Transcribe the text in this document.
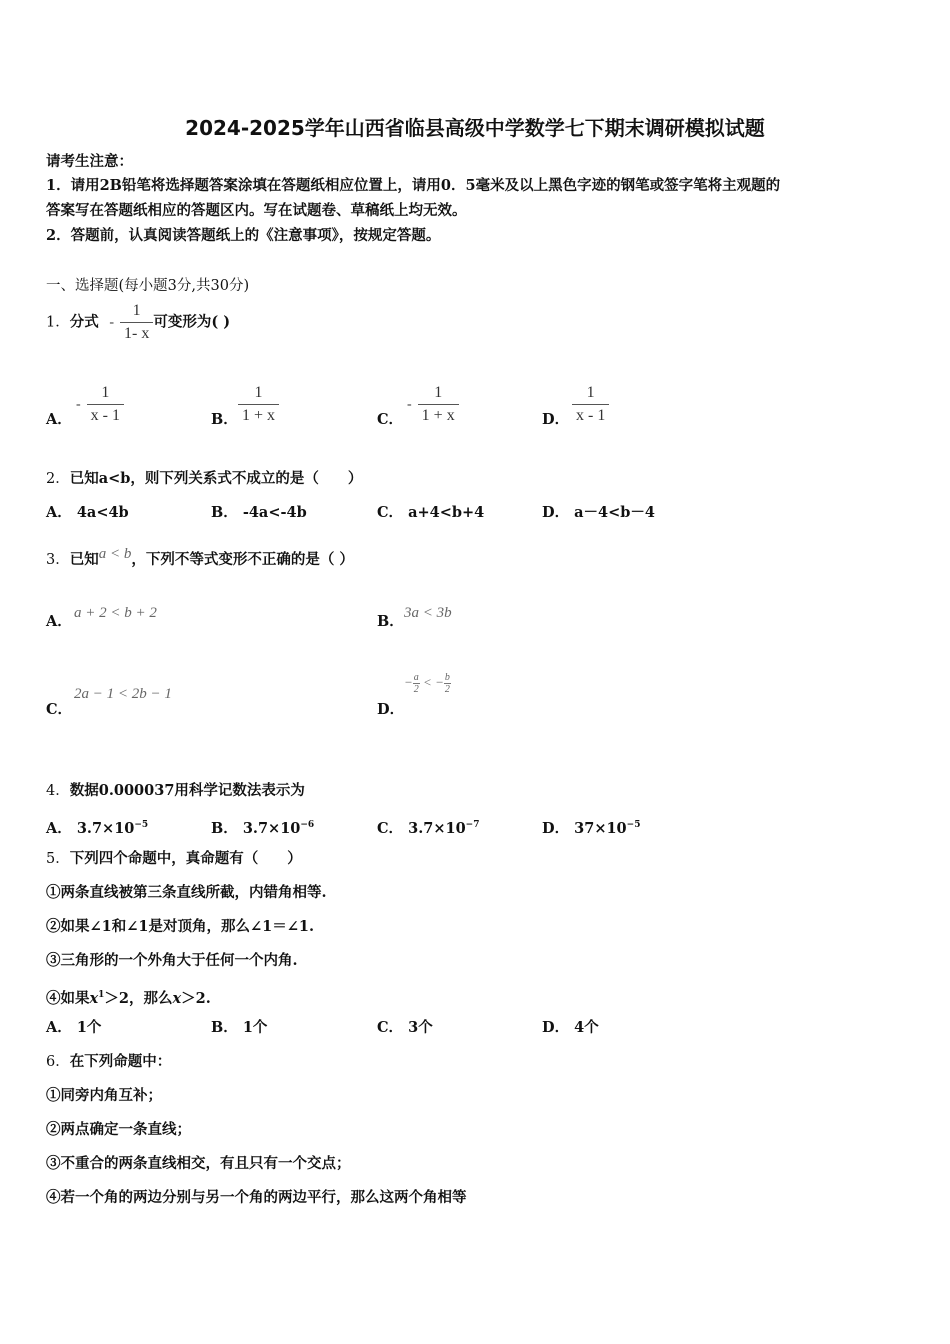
2024-2025学年山西省临县高级中学数学七下期末调研模拟试题
请考生注意：
1．请用2B铅笔将选择题答案涂填在答题纸相应位置上，请用0．5毫米及以上黑色字迹的钢笔或签字笔将主观题的
答案写在答题纸相应的答题区内。写在试题卷、草稿纸上均无效。
2．答题前，认真阅读答题纸上的《注意事项》，按规定答题。
一、选择题(每小题3分,共30分)
1．分式 - $\frac{1}{1- x}$ 可变形为( )
A．
- $\frac{1}{x - 1}$	B． $\frac{1}{1 + x}$	C．
- $\frac{1}{1 + x}$	D． $\frac{1}{x - 1}$
2．已知a<b，则下列关系式不成立的是（　　）
A． 4a<4b	B． -4a<-4b	C． a+4<b+4	D． a－4<b－4
3．已知a < b，下列不等式变形不正确的是（ ）
A． a + 2 < b + 2	B． 3a < 3b
C．
2a − 1 < 2b − 1
D．
− $\frac{a}{2}$ < − $\frac{b}{2}$
4．数据0.000037用科学记数法表示为
A． $3.7\times 10^{-5}$	B． $3.7\times 10^{-6}$	C． $3.7\times 10^{-7}$	D． $37\times 10^{-5}$
5．下列四个命题中，真命题有（　　）
①两条直线被第三条直线所截，内错角相等.
②如果∠1和∠1是对顶角，那么∠1＝∠1.
③三角形的一个外角大于任何一个内角.
④如果$x^1>2$，那么x＞2.
A． 1个	B． 1个	C． 3个	D． 4个
6．在下列命题中：
①同旁内角互补；
②两点确定一条直线；
③不重合的两条直线相交，有且只有一个交点；
④若一个角的两边分别与另一个角的两边平行，那么这两个角相等
